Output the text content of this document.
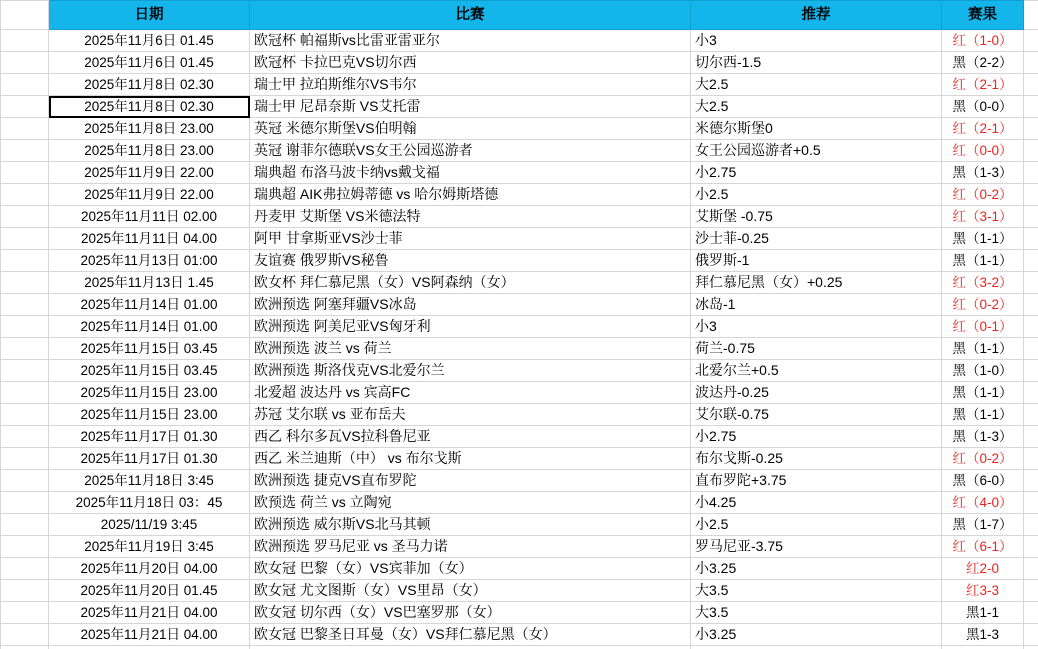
	日期	比赛	推荐	赛果	
	2025年11月6日 01.45	欧冠杯 帕福斯vs比雷亚雷亚尔	小3	红（1-0）	
	2025年11月6日 01.45	欧冠杯 卡拉巴克VS切尔西	切尔西-1.5	黑（2-2）	
	2025年11月8日 02.30	瑞士甲 拉珀斯维尔VS韦尔	大2.5	红（2-1）	
	2025年11月8日 02.30	瑞士甲 尼昂奈斯 VS艾托雷	大2.5	黑（0-0）	
	2025年11月8日 23.00	英冠 米德尔斯堡VS伯明翰	米德尔斯堡0	红（2-1）	
	2025年11月8日 23.00	英冠 谢菲尔德联VS女王公园巡游者	女王公园巡游者+0.5	红（0-0）	
	2025年11月9日 22.00	瑞典超 布洛马波卡纳vs戴戈福	小2.75	黑（1-3）	
	2025年11月9日 22.00	瑞典超 AIK弗拉姆蒂德 vs 哈尔姆斯塔德	小2.5	红（0-2）	
	2025年11月11日 02.00	丹麦甲 艾斯堡 VS米德法特	艾斯堡 -0.75	红（3-1）	
	2025年11月11日 04.00	阿甲 甘拿斯亚VS沙士菲	沙士菲-0.25	黑（1-1）	
	2025年11月13日 01:00	友谊赛 俄罗斯VS秘鲁	俄罗斯-1	黑（1-1）	
	2025年11月13日 1.45	欧女杯 拜仁慕尼黑（女）VS阿森纳（女）	拜仁慕尼黑（女）+0.25	红（3-2）	
	2025年11月14日 01.00	欧洲预选 阿塞拜疆VS冰岛	冰岛-1	红（0-2）	
	2025年11月14日 01.00	欧洲预选 阿美尼亚VS匈牙利	小3	红（0-1）	
	2025年11月15日 03.45	欧洲预选 波兰 vs 荷兰	荷兰-0.75	黑（1-1）	
	2025年11月15日 03.45	欧洲预选 斯洛伐克VS北爱尔兰	北爱尔兰+0.5	黑（1-0）	
	2025年11月15日 23.00	北爱超 波达丹 vs 宾高FC	波达丹-0.25	黑（1-1）	
	2025年11月15日 23.00	苏冠 艾尔联 vs 亚布岳夫	艾尔联-0.75	黑（1-1）	
	2025年11月17日 01.30	西乙 科尔多瓦VS拉科鲁尼亚	小2.75	黑（1-3）	
	2025年11月17日 01.30	西乙 米兰迪斯（中） vs 布尔戈斯	布尔戈斯-0.25	红（0-2）	
	2025年11月18日 3:45	欧洲预选 捷克VS直布罗陀	直布罗陀+3.75	黑（6-0）	
	2025年11月18日 03：45	欧预选 荷兰 vs 立陶宛	小4.25	红（4-0）	
	2025/11/19 3:45	欧洲预选 威尔斯VS北马其顿	小2.5	黑（1-7）	
	2025年11月19日 3:45	欧洲预选 罗马尼亚 vs 圣马力诺	罗马尼亚-3.75	红（6-1）	
	2025年11月20日 04.00	欧女冠 巴黎（女）VS宾菲加（女）	小3.25	红2-0	
	2025年11月20日 01.45	欧女冠 尤文图斯（女）VS里昂（女）	大3.5	红3-3	
	2025年11月21日 04.00	欧女冠 切尔西（女）VS巴塞罗那（女）	大3.5	黑1-1	
	2025年11月21日 04.00	欧女冠 巴黎圣日耳曼（女）VS拜仁慕尼黑（女）	小3.25	黑1-3	
